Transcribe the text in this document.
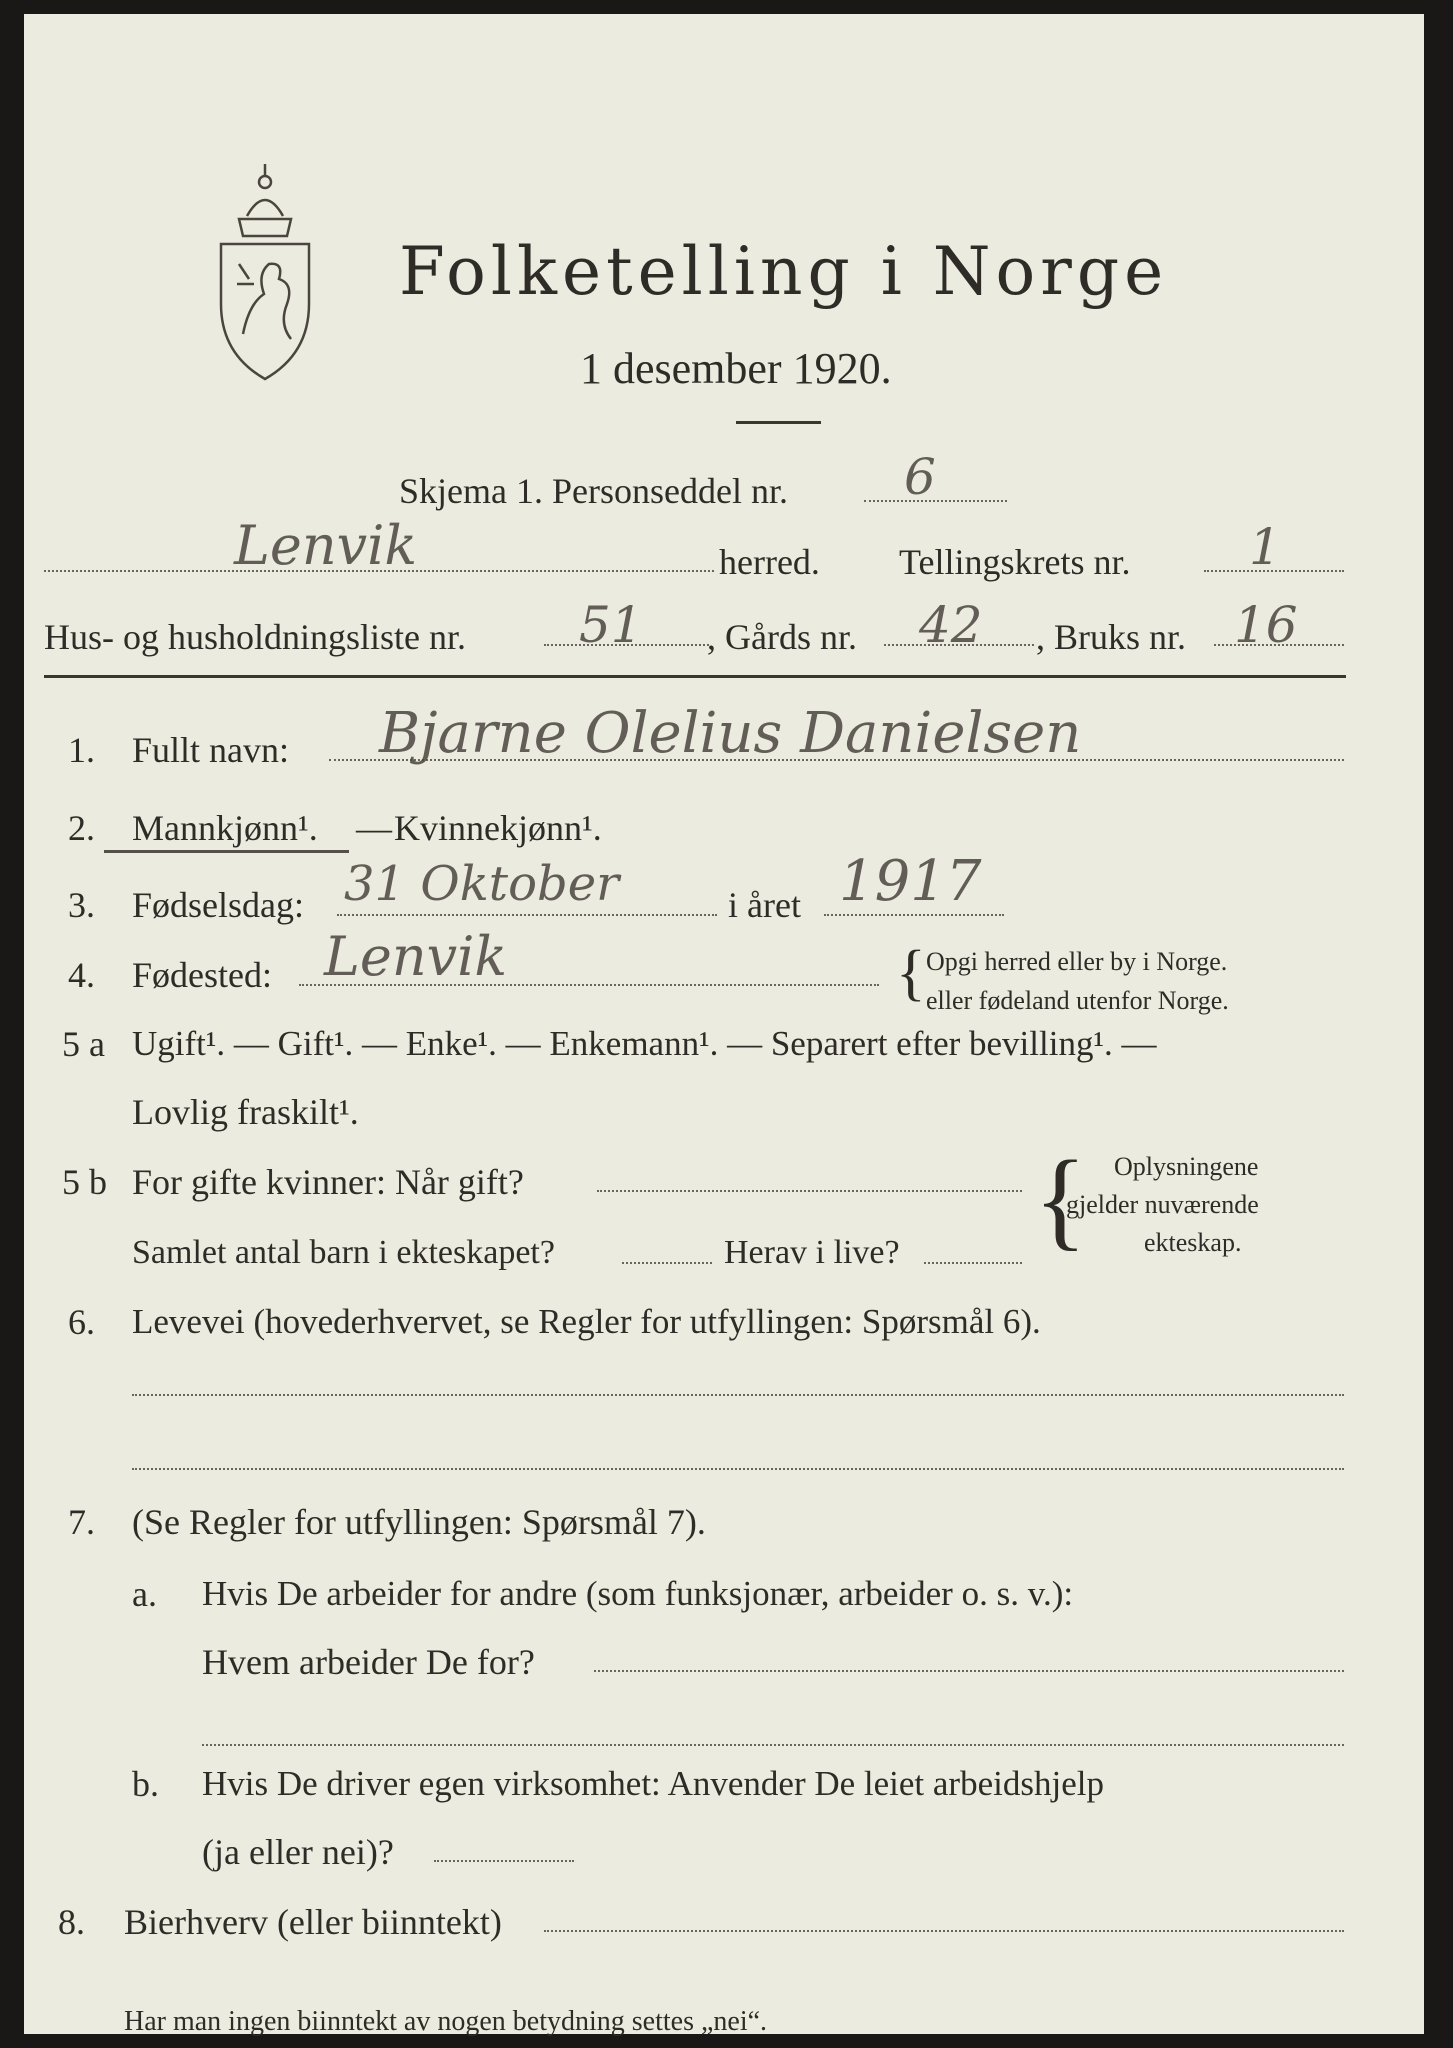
Folketelling i Norge
1 desember 1920.
Skjema 1. Personseddel nr. 6
Lenvik	herred. Tellingskrets nr. 1
Hus- og husholdningsliste nr. 51 , Gårds nr. 42 , Bruks nr. 16
1. Fullt navn: Bjarne Olelius Danielsen
2. Mannkjønn¹. — Kvinnekjønn¹.
3. Fødselsdag: 31 Oktober	i året 1917
4. Fødested: Lenvik	{ Opgi herred eller by i Norge.
eller fødeland utenfor Norge.
5 a Ugift¹. — Gift¹. — Enke¹. — Enkemann¹. — Separert efter bevilling¹. —
Lovlig fraskilt¹.
5 b For gifte kvinner: Når gift?
Samlet antal barn i ekteskapet?	Herav i live? { Oplysningene
gjelder nuværende
ekteskap.
6. Levevei (hovederhvervet, se Regler for utfyllingen: Spørsmål 6).
7. (Se Regler for utfyllingen: Spørsmål 7).
a. Hvis De arbeider for andre (som funksjonær, arbeider o. s. v.):
Hvem arbeider De for?
b. Hvis De driver egen virksomhet: Anvender De leiet arbeidshjelp
(ja eller nei)?
8. Bierhverv (eller biinntekt)
Har man ingen biinntekt av nogen betydning settes „nei“.
